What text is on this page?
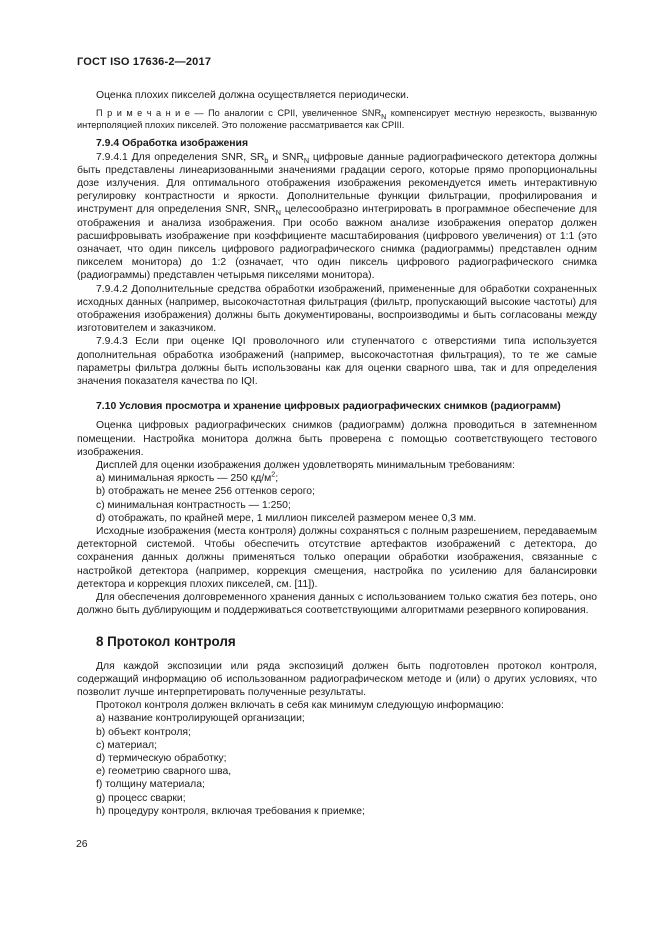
ГОСТ ISO 17636-2—2017

Оценка плохих пикселей должна осуществляется периодически.

П р и м е ч а н и е — По аналогии с CPII, увеличенное $SNR_N$ компенсирует местную нерезкость, вызванную интерполяцией плохих пикселей. Это положение рассматривается как CPIII.

7.9.4 Обработка изображения

7.9.4.1 Для определения SNR, $SR_b$ и $SNR_N$ цифровые данные радиографического детектора должны быть представлены линеаризованными значениями градации серого, которые прямо пропорциональны дозе излучения. Для оптимального отображения изображения рекомендуется иметь интерактивную регулировку контрастности и яркости. Дополнительные функции фильтрации, профилирования и инструмент для определения SNR, $SNR_N$ целесообразно интегрировать в программное обеспечение для отображения и анализа изображения. При особо важном анализе изображения оператор должен расшифровывать изображение при коэффициенте масштабирования (цифрового увеличения) от 1:1 (это означает, что один пиксель цифрового радиографического снимка (радиограммы) представлен одним пикселем монитора) до 1:2 (означает, что один пиксель цифрового радиографического снимка (радиограммы) представлен четырьмя пикселями монитора).

7.9.4.2 Дополнительные средства обработки изображений, примененные для обработки сохраненных исходных данных (например, высокочастотная фильтрация (фильтр, пропускающий высокие частоты) для отображения изображения) должны быть документированы, воспроизводимы и быть согласованы между изготовителем и заказчиком.

7.9.4.3 Если при оценке IQI проволочного или ступенчатого с отверстиями типа используется дополнительная обработка изображений (например, высокочастотная фильтрация), то те же самые параметры фильтра должны быть использованы как для оценки сварного шва, так и для определения значения показателя качества по IQI.

7.10 Условия просмотра и хранение цифровых радиографических снимков (радиограмм)

Оценка цифровых радиографических снимков (радиограмм) должна проводиться в затемненном помещении. Настройка монитора должна быть проверена с помощью соответствующего тестового изображения.

Дисплей для оценки изображения должен удовлетворять минимальным требованиям:

a) минимальная яркость — 250 $кд/м^2$;

b) отображать не менее 256 оттенков серого;

c) минимальная контрастность — 1:250;

d) отображать, по крайней мере, 1 миллион пикселей размером менее 0,3 мм.

Исходные изображения (места контроля) должны сохраняться с полным разрешением, передаваемым детекторной системой. Чтобы обеспечить отсутствие артефактов изображений с детектора, до сохранения данных должны применяться только операции обработки изображения, связанные с настройкой детектора (например, коррекция смещения, настройка по усилению для балансировки детектора и коррекция плохих пикселей, см. [11]).

Для обеспечения долговременного хранения данных с использованием только сжатия без потерь, оно должно быть дублирующим и поддерживаться соответствующими алгоритмами резервного копирования.

8 Протокол контроля

Для каждой экспозиции или ряда экспозиций должен быть подготовлен протокол контроля, содержащий информацию об использованном радиографическом методе и (или) о других условиях, что позволит лучше интерпретировать полученные результаты.

Протокол контроля должен включать в себя как минимум следующую информацию:

a) название контролирующей организации;

b) объект контроля;

c) материал;

d) термическую обработку;

e) геометрию сварного шва,

f) толщину материала;

g) процесс сварки;

h) процедуру контроля, включая требования к приемке;

26
